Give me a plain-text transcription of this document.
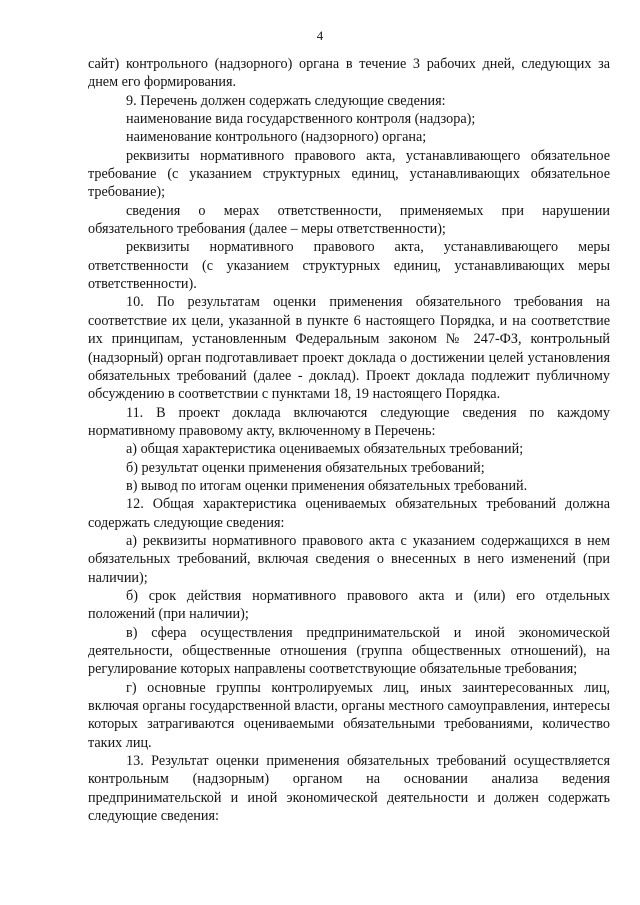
4

сайт) контрольного (надзорного) органа в течение 3 рабочих дней, следующих за днем его формирования.

9. Перечень должен содержать следующие сведения:

наименование вида государственного контроля (надзора);

наименование контрольного (надзорного) органа;

реквизиты нормативного правового акта, устанавливающего обязательное требование (с указанием структурных единиц, устанавливающих обязательное требование);

сведения о мерах ответственности, применяемых при нарушении обязательного требования (далее – меры ответственности);

реквизиты нормативного правового акта, устанавливающего меры ответственности (с указанием структурных единиц, устанавливающих меры ответственности).

10. По результатам оценки применения обязательного требования на соответствие их цели, указанной в пункте 6 настоящего Порядка, и на соответствие их принципам, установленным Федеральным законом № 247-ФЗ, контрольный (надзорный) орган подготавливает проект доклада о достижении целей установления обязательных требований (далее - доклад). Проект доклада подлежит публичному обсуждению в соответствии с пунктами 18, 19 настоящего Порядка.

11. В проект доклада включаются следующие сведения по каждому нормативному правовому акту, включенному в Перечень:

а) общая характеристика оцениваемых обязательных требований;

б) результат оценки применения обязательных требований;

в) вывод по итогам оценки применения обязательных требований.

12. Общая характеристика оцениваемых обязательных требований должна содержать следующие сведения:

а) реквизиты нормативного правового акта с указанием содержащихся в нем обязательных требований, включая сведения о внесенных в него изменений (при наличии);

б) срок действия нормативного правового акта и (или) его отдельных положений (при наличии);

в) сфера осуществления предпринимательской и иной экономической деятельности, общественные отношения (группа общественных отношений), на регулирование которых направлены соответствующие обязательные требования;

г) основные группы контролируемых лиц, иных заинтересованных лиц, включая органы государственной власти, органы местного самоуправления, интересы которых затрагиваются оцениваемыми обязательными требованиями, количество таких лиц.

13. Результат оценки применения обязательных требований осуществляется контрольным (надзорным) органом на основании анализа ведения предпринимательской и иной экономической деятельности и должен содержать следующие сведения:
